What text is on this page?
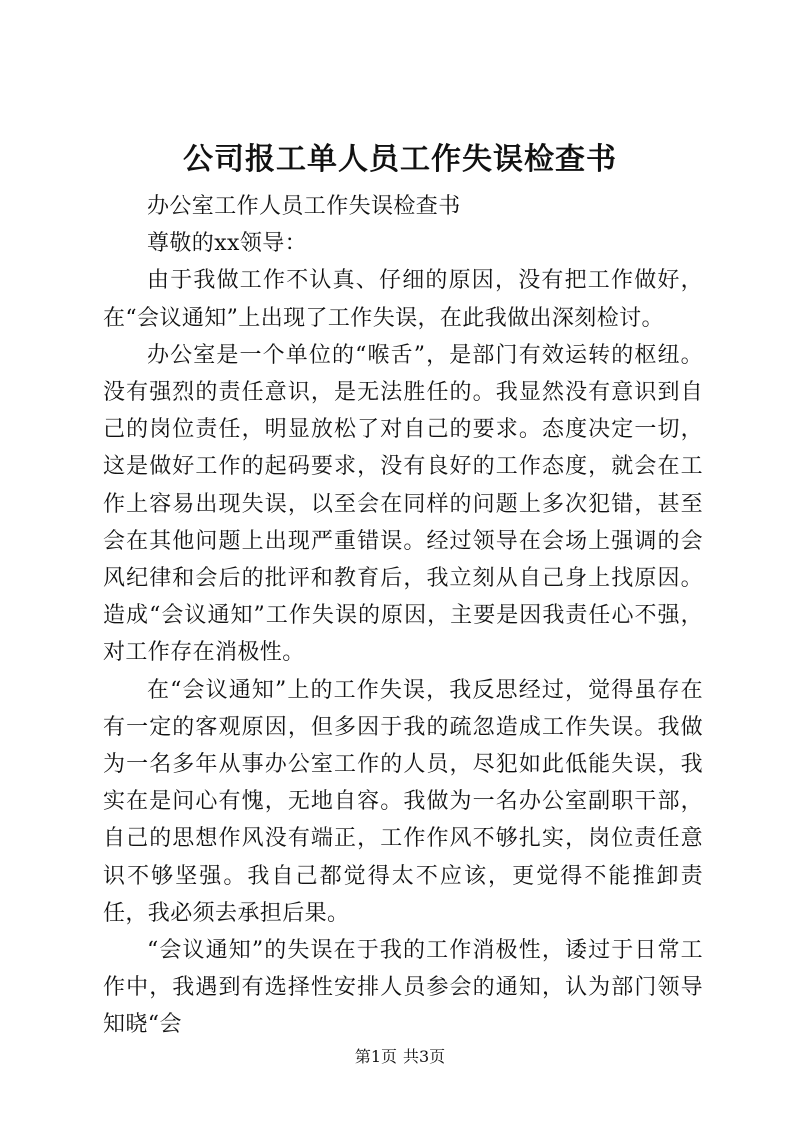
公司报工单人员工作失误检查书

办公室工作人员工作失误检查书

尊敬的xx领导：

由于我做工作不认真、仔细的原因，没有把工作做好，在“会议通知”上出现了工作失误，在此我做出深刻检讨。

办公室是一个单位的“喉舌”，是部门有效运转的枢纽。没有强烈的责任意识，是无法胜任的。我显然没有意识到自己的岗位责任，明显放松了对自己的要求。态度决定一切，这是做好工作的起码要求，没有良好的工作态度，就会在工作上容易出现失误，以至会在同样的问题上多次犯错，甚至会在其他问题上出现严重错误。经过领导在会场上强调的会风纪律和会后的批评和教育后，我立刻从自己身上找原因。造成“会议通知”工作失误的原因，主要是因我责任心不强，对工作存在消极性。

在“会议通知”上的工作失误，我反思经过，觉得虽存在有一定的客观原因，但多因于我的疏忽造成工作失误。我做为一名多年从事办公室工作的人员，尽犯如此低能失误，我实在是问心有愧，无地自容。我做为一名办公室副职干部，自己的思想作风没有端正，工作作风不够扎实，岗位责任意识不够坚强。我自己都觉得太不应该，更觉得不能推卸责任，我必须去承担后果。

“会议通知”的失误在于我的工作消极性，诿过于日常工作中，我遇到有选择性安排人员参会的通知，认为部门领导知晓“会

第1页 共3页
